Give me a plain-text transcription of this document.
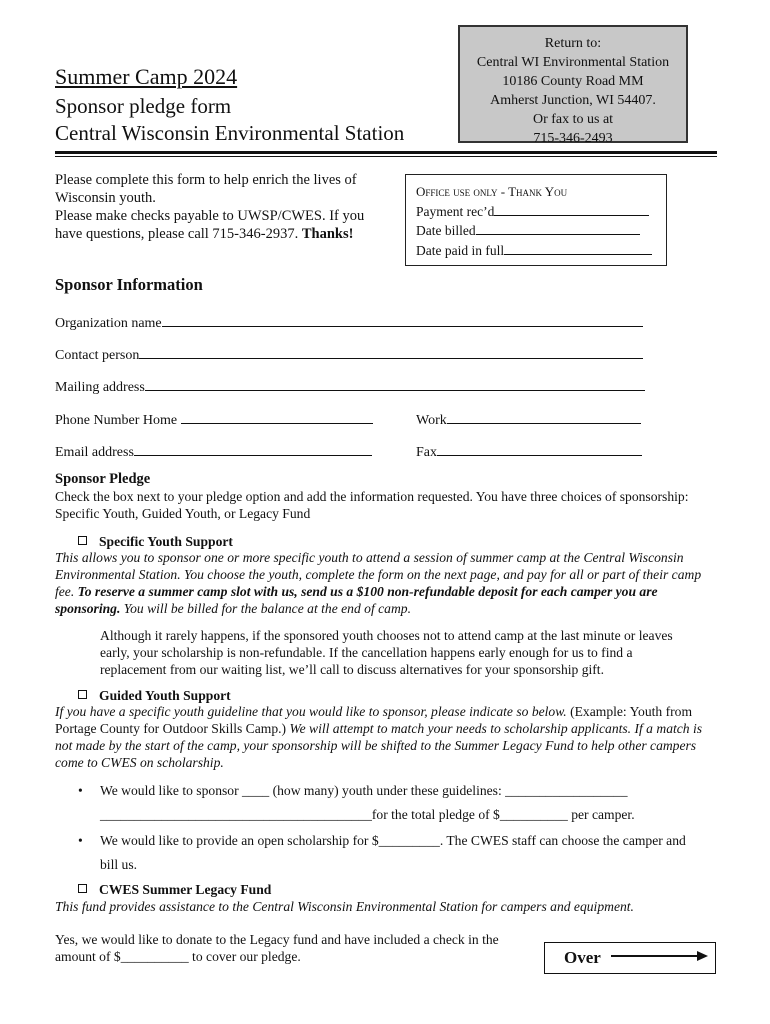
Return to:
Central WI Environmental Station
10186 County Road MM
Amherst Junction, WI 54407.
Or fax to us at
715-346-2493
Summer Camp 2024
Sponsor pledge form
Central Wisconsin Environmental Station
Please complete this form to help enrich the lives of Wisconsin youth.
Please make checks payable to UWSP/CWES. If you have questions, please call 715-346-2937. Thanks!
Office use only - Thank You
Payment rec’d
Date billed
Date paid in full
Sponsor Information
Organization name
Contact person
Mailing address
Phone Number Home	Work
Email address	Fax
Sponsor Pledge
Check the box next to your pledge option and add the information requested. You have three choices of sponsorship: Specific Youth, Guided Youth, or Legacy Fund
Specific Youth Support
This allows you to sponsor one or more specific youth to attend a session of summer camp at the Central Wisconsin Environmental Station. You choose the youth, complete the form on the next page, and pay for all or part of their camp fee. To reserve a summer camp slot with us, send us a $100 non-refundable deposit for each camper you are sponsoring. You will be billed for the balance at the end of camp.
Although it rarely happens, if the sponsored youth chooses not to attend camp at the last minute or leaves early, your scholarship is non-refundable. If the cancellation happens early enough for us to find a replacement from our waiting list, we’ll call to discuss alternatives for your sponsorship gift.
Guided Youth Support
If you have a specific youth guideline that you would like to sponsor, please indicate so below. (Example: Youth from Portage County for Outdoor Skills Camp.) We will attempt to match your needs to scholarship applicants. If a match is not made by the start of the camp, your sponsorship will be shifted to the Summer Legacy Fund to help other campers come to CWES on scholarship.
• We would like to sponsor ____ (how many) youth under these guidelines: __________________
________________________________________for the total pledge of $__________ per camper.
• We would like to provide an open scholarship for $_________. The CWES staff can choose the camper and
bill us.
CWES Summer Legacy Fund
This fund provides assistance to the Central Wisconsin Environmental Station for campers and equipment.
Yes, we would like to donate to the Legacy fund and have included a check in the
amount of $__________ to cover our pledge.	Over
